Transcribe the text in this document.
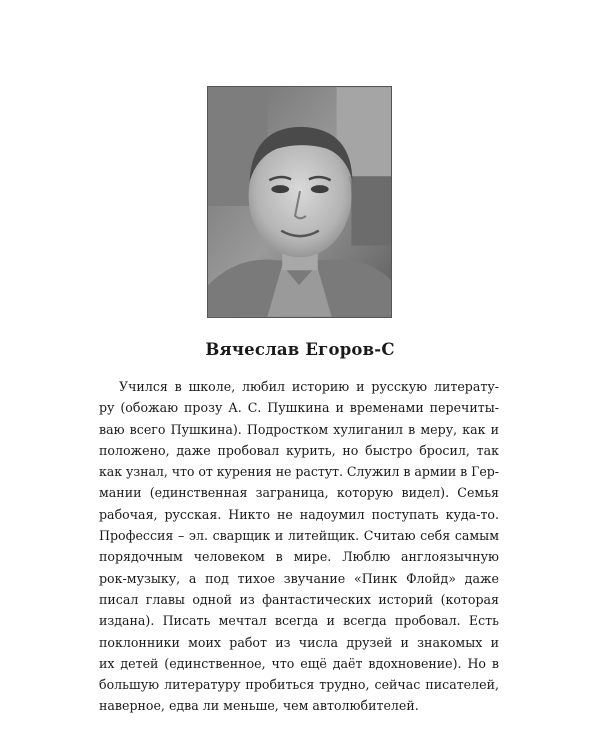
Вячеслав Егоров-С
Учился в школе, любил историю и русскую литерату-
ру (обожаю прозу А. С. Пушкина и временами перечиты-
ваю всего Пушкина). Подростком хулиганил в меру, как и
положено, даже пробовал курить, но быстро бросил, так
как узнал, что от курения не растут. Служил в армии в Гер-
мании (единственная заграница, которую видел). Семья
рабочая, русская. Никто не надоумил поступать куда-то.
Профессия – эл. сварщик и литейщик. Считаю себя самым
порядочным человеком в мире. Люблю англоязычную
рок-музыку, а под тихое звучание «Пинк Флойд» даже
писал главы одной из фантастических историй (которая
издана). Писать мечтал всегда и всегда пробовал. Есть
поклонники моих работ из числа друзей и знакомых и
их детей (единственное, что ещё даёт вдохновение). Но в
большую литературу пробиться трудно, сейчас писателей,
наверное, едва ли меньше, чем автолюбителей.
